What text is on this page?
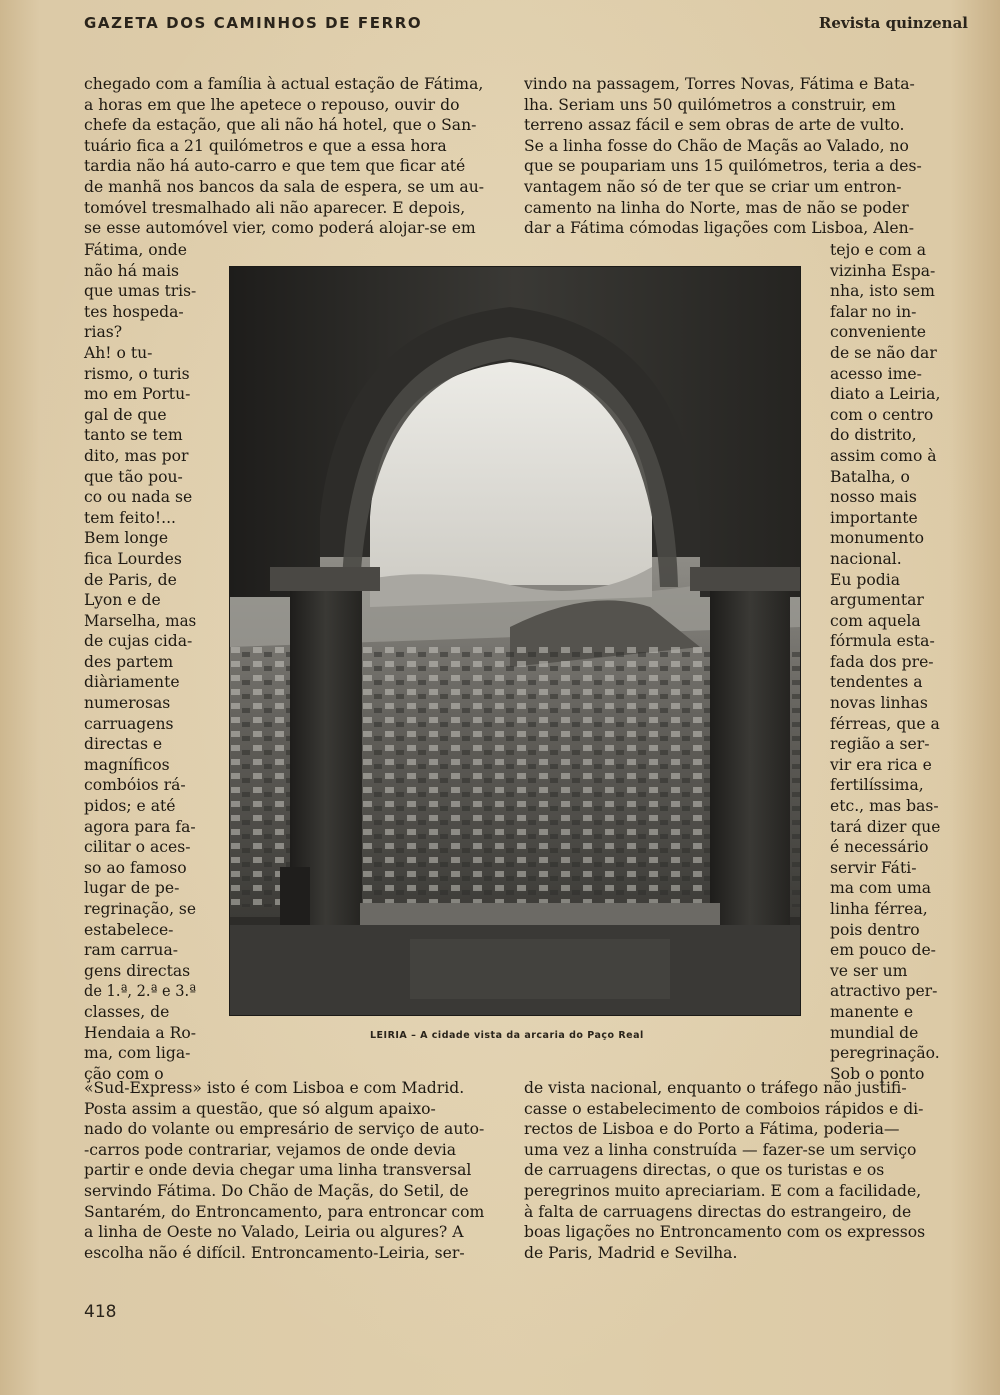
GAZETA DOS CAMINHOS DE FERRO	Revista quinzenal
chegado com a família à actual estação de Fátima,
a horas em que lhe apetece o repouso, ouvir do
chefe da estação, que ali não há hotel, que o San-
tuário fica a 21 quilómetros e que a essa hora
tardia não há auto-carro e que tem que ficar até
de manhã nos bancos da sala de espera, se um au-
tomóvel tresmalhado ali não aparecer. E depois,
se esse automóvel vier, como poderá alojar-se em
Fátima, onde
não há mais
que umas tris-
tes hospeda-
rias?
Ah! o tu-
rismo, o turis
mo em Portu-
gal de que
tanto se tem
dito, mas por
que tão pou-
co ou nada se
tem feito!...
Bem longe
fica Lourdes
de Paris, de
Lyon e de
Marselha, mas
de cujas cida-
des partem
diàriamente
numerosas
carruagens
directas e
magníficos
combóios rá-
pidos; e até
agora para fa-
cilitar o aces-
so ao famoso
lugar de pe-
regrinação, se
estabelece-
ram carrua-
gens directas
de 1.ª, 2.ª e 3.ª
classes, de
Hendaia a Ro-
ma, com liga-
ção com o
«Sud-Express» isto é com Lisboa e com Madrid.
Posta assim a questão, que só algum apaixo-
nado do volante ou empresário de serviço de auto-
-carros pode contrariar, vejamos de onde devia
partir e onde devia chegar uma linha transversal
servindo Fátima. Do Chão de Maçãs, do Setil, de
Santarém, do Entroncamento, para entroncar com
a linha de Oeste no Valado, Leiria ou algures? A
escolha não é difícil. Entroncamento-Leiria, ser-
vindo na passagem, Torres Novas, Fátima e Bata-
lha. Seriam uns 50 quilómetros a construir, em
terreno assaz fácil e sem obras de arte de vulto.
Se a linha fosse do Chão de Maçãs ao Valado, no
que se poupariam uns 15 quilómetros, teria a des-
vantagem não só de ter que se criar um entron-
camento na linha do Norte, mas de não se poder
dar a Fátima cómodas ligações com Lisboa, Alen-
tejo e com a
vizinha Espa-
nha, isto sem
falar no in-
conveniente
de se não dar
acesso ime-
diato a Leiria,
com o centro
do distrito,
assim como à
Batalha, o
nosso mais
importante
monumento
nacional.
Eu podia
argumentar
com aquela
fórmula esta-
fada dos pre-
tendentes a
novas linhas
férreas, que a
região a ser-
vir era rica e
fertilíssima,
etc., mas bas-
tará dizer que
é necessário
servir Fáti-
ma com uma
linha férrea,
pois dentro
em pouco de-
ve ser um
atractivo per-
manente e
mundial de
peregrinação.
Sob o ponto
de vista nacional, enquanto o tráfego não justifi-
casse o estabelecimento de comboios rápidos e di-
rectos de Lisboa e do Porto a Fátima, poderia—
uma vez a linha construída — fazer-se um serviço
de carruagens directas, o que os turistas e os
peregrinos muito apreciariam. E com a facilidade,
à falta de carruagens directas do estrangeiro, de
boas ligações no Entroncamento com os expressos
de Paris, Madrid e Sevilha.
LEIRIA – A cidade vista da arcaria do Paço Real
418
